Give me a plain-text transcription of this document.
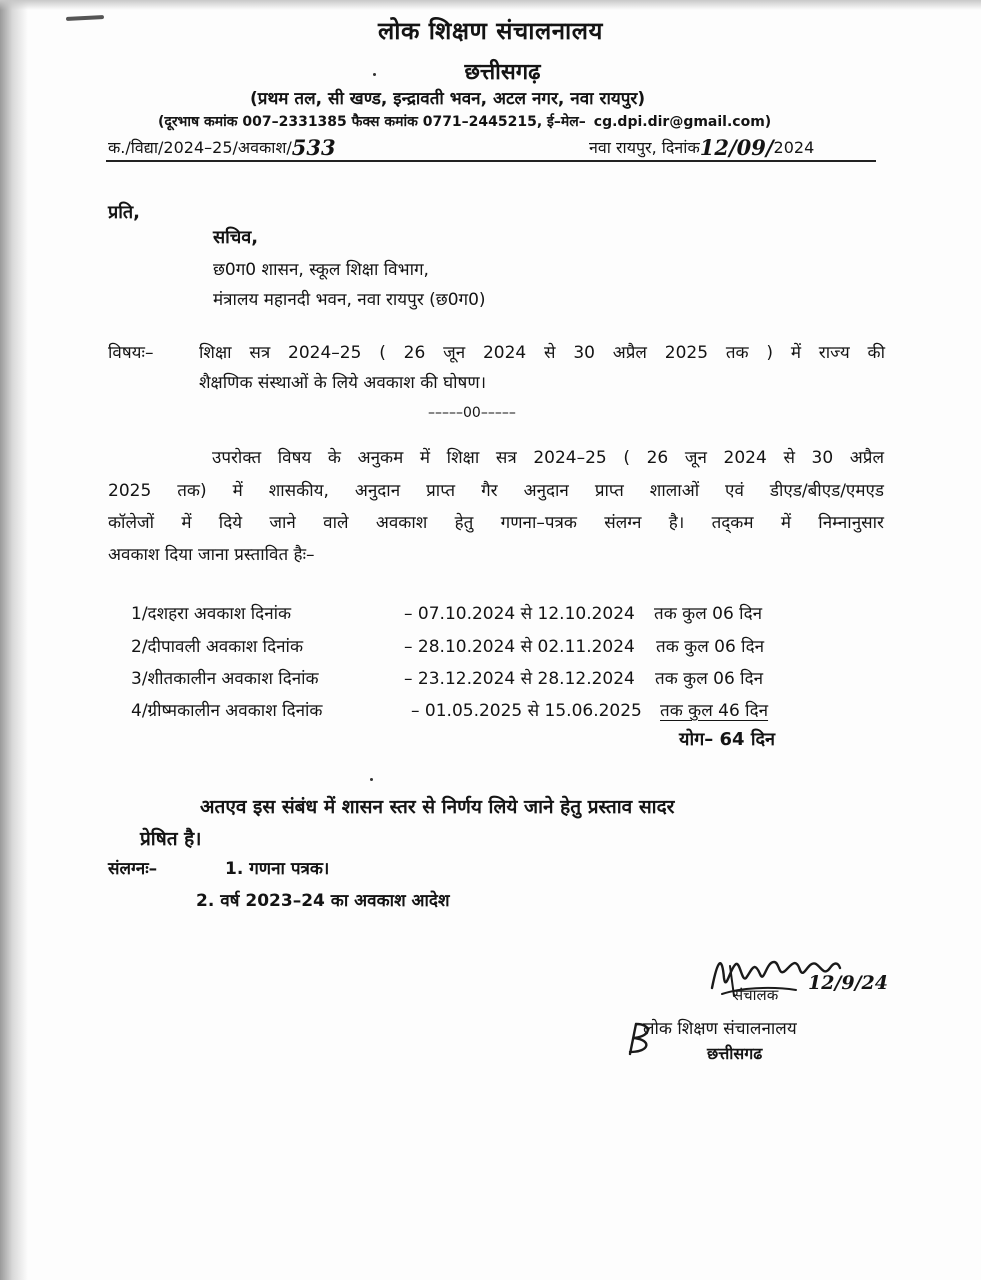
लोक शिक्षण संचालनालय
छत्तीसगढ़
(प्रथम तल, सी खण्ड, इन्द्रावती भवन, अटल नगर, नवा रायपुर)
(दूरभाष कमांक 007–2331385 फैक्स कमांक 0771–2445215, ई–मेल– cg.dpi.dir@gmail.com)
क./विद्या/2024–25/अवकाश/533	नवा रायपुर, दिनांक12/09/2024
प्रति,
सचिव,
छ0ग0 शासन, स्कूल शिक्षा विभाग,
मंत्रालय महानदी भवन, नवा रायपुर (छ0ग0)
विषयः–	शिक्षा सत्र 2024–25 ( 26 जून 2024 से 30 अप्रैल 2025 तक ) में राज्य की
शैक्षणिक संस्थाओं के लिये अवकाश की घोषण।
–––––00–––––
उपरोक्त विषय के अनुकम में शिक्षा सत्र 2024–25 ( 26 जून 2024 से 30 अप्रैल
2025 तक) में शासकीय, अनुदान प्राप्त गैर अनुदान प्राप्त शालाओं एवं डीएड/बीएड/एमएड
कॉलेजों में दिये जाने वाले अवकाश हेतु गणना–पत्रक संलग्न है। तद्कम में निम्नानुसार
अवकाश दिया जाना प्रस्तावित हैः–
1/दशहरा अवकाश दिनांक	– 07.10.2024 से 12.10.2024 तक कुल 06 दिन
2/दीपावली अवकाश दिनांक	– 28.10.2024 से 02.11.2024 तक कुल 06 दिन
3/शीतकालीन अवकाश दिनांक	– 23.12.2024 से 28.12.2024 तक कुल 06 दिन
4/ग्रीष्मकालीन अवकाश दिनांक	– 01.05.2025 से 15.06.2025 तक कुल 46 दिन
योग– 64 दिन
अतएव इस संबंध में शासन स्तर से निर्णय लिये जाने हेतु प्रस्ताव सादर
प्रेषित है।
संलग्नः–	1. गणना पत्रक।
2. वर्ष 2023–24 का अवकाश आदेश
12/9/24
संचालक
लोक शिक्षण संचालनालय
छत्तीसगढ
